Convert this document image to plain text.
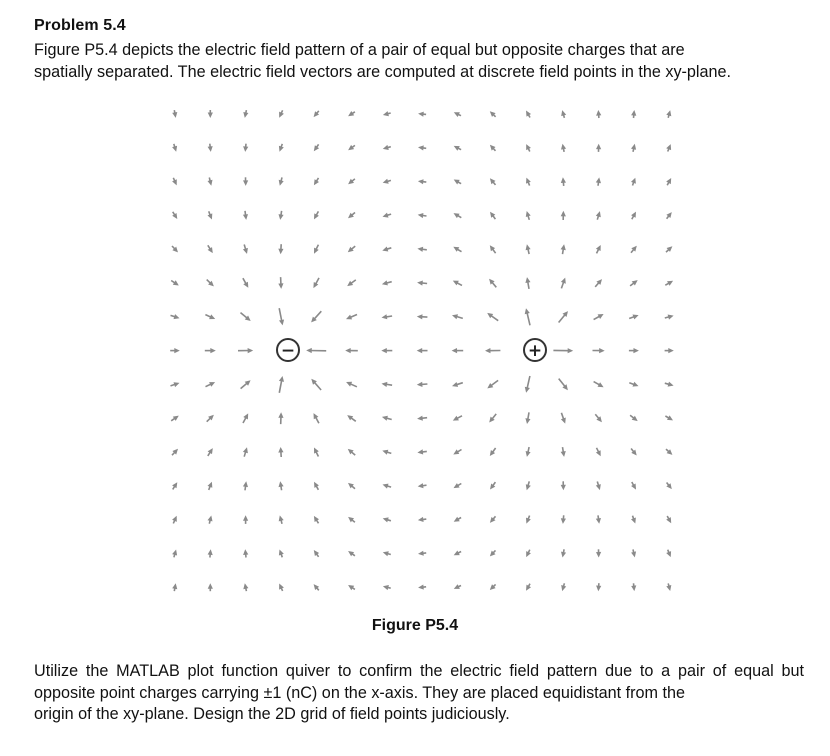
Problem 5.4
Figure P5.4 depicts the electric field pattern of a pair of equal but opposite charges that are
spatially separated. The electric field vectors are computed at discrete field points in the xy-plane.
−	+
Figure P5.4
Utilize the MATLAB plot function quiver to confirm the electric field pattern due to a pair of equal but opposite point charges carrying ±1 (nC) on the x-axis. They are placed equidistant from the
origin of the xy-plane. Design the 2D grid of field points judiciously.
